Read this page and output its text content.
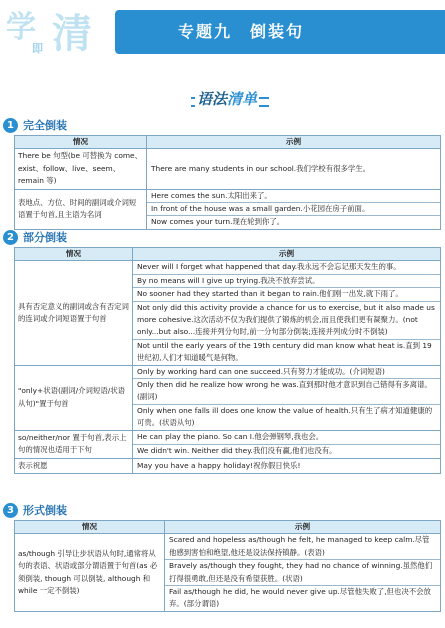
学
即 清	专题九　倒装句
语法清单
1 完全倒装
情况	示例
There be 句型(be 可替换为 come、exist、follow、live、seem、remain 等)	There are many students in our school.我们学校有很多学生。

表地点、方位、时间的副词或介词短语置于句首,且主语为名词	Here comes the sun.太阳出来了。
In front of the house was a small garden.小花园在房子前面。
Now comes your turn.现在轮到你了。
2 部分倒装
情况	示例
具有否定意义的副词或含有否定词的连词或介词短语置于句首	Never will I forget what happened that day.我永远不会忘记那天发生的事。
By no means will I give up trying.我决不放弃尝试。
No sooner had they started than it began to rain.他们刚一出发,就下雨了。
Not only did this activity provide a chance for us to exercise, but it also made us more cohesive.这次活动不仅为我们提供了锻炼的机会,而且使我们更有凝聚力。(not only...but also...连接并列分句时,前一分句部分倒装;连接并列成分时不倒装)
Not until the early years of the 19th century did man know what heat is.直到 19 世纪初,人们才知道暖气是何物。

"only+状语(副词/介词短语/状语从句)"置于句首	Only by working hard can one succeed.只有努力才能成功。(介词短语)
Only then did he realize how wrong he was.直到那时他才意识到自己错得有多离谱。(副词)
Only when one falls ill does one know the value of health.只有生了病才知道健康的可贵。(状语从句)

so/neither/nor 置于句首,表示上句的情况也适用于下句	He can play the piano. So can I.他会弹钢琴,我也会。
We didn't win. Neither did they.我们没有赢,他们也没有。

表示祝愿	May you have a happy holiday!祝你假日快乐!
3 形式倒装
情况	示例
as/though 引导让步状语从句时,通常将从句的表语、状语或部分谓语置于句首(as 必须倒装, though 可以倒装, although 和 while 一定不倒装)	Scared and hopeless as/though he felt, he managed to keep calm.尽管他感到害怕和绝望,他还是设法保持镇静。(表语)
Bravely as/though they fought, they had no chance of winning.虽然他们打得很勇敢,但还是没有希望获胜。(状语)
Fail as/though he did, he would never give up.尽管他失败了,但也决不会放弃。(部分谓语)
